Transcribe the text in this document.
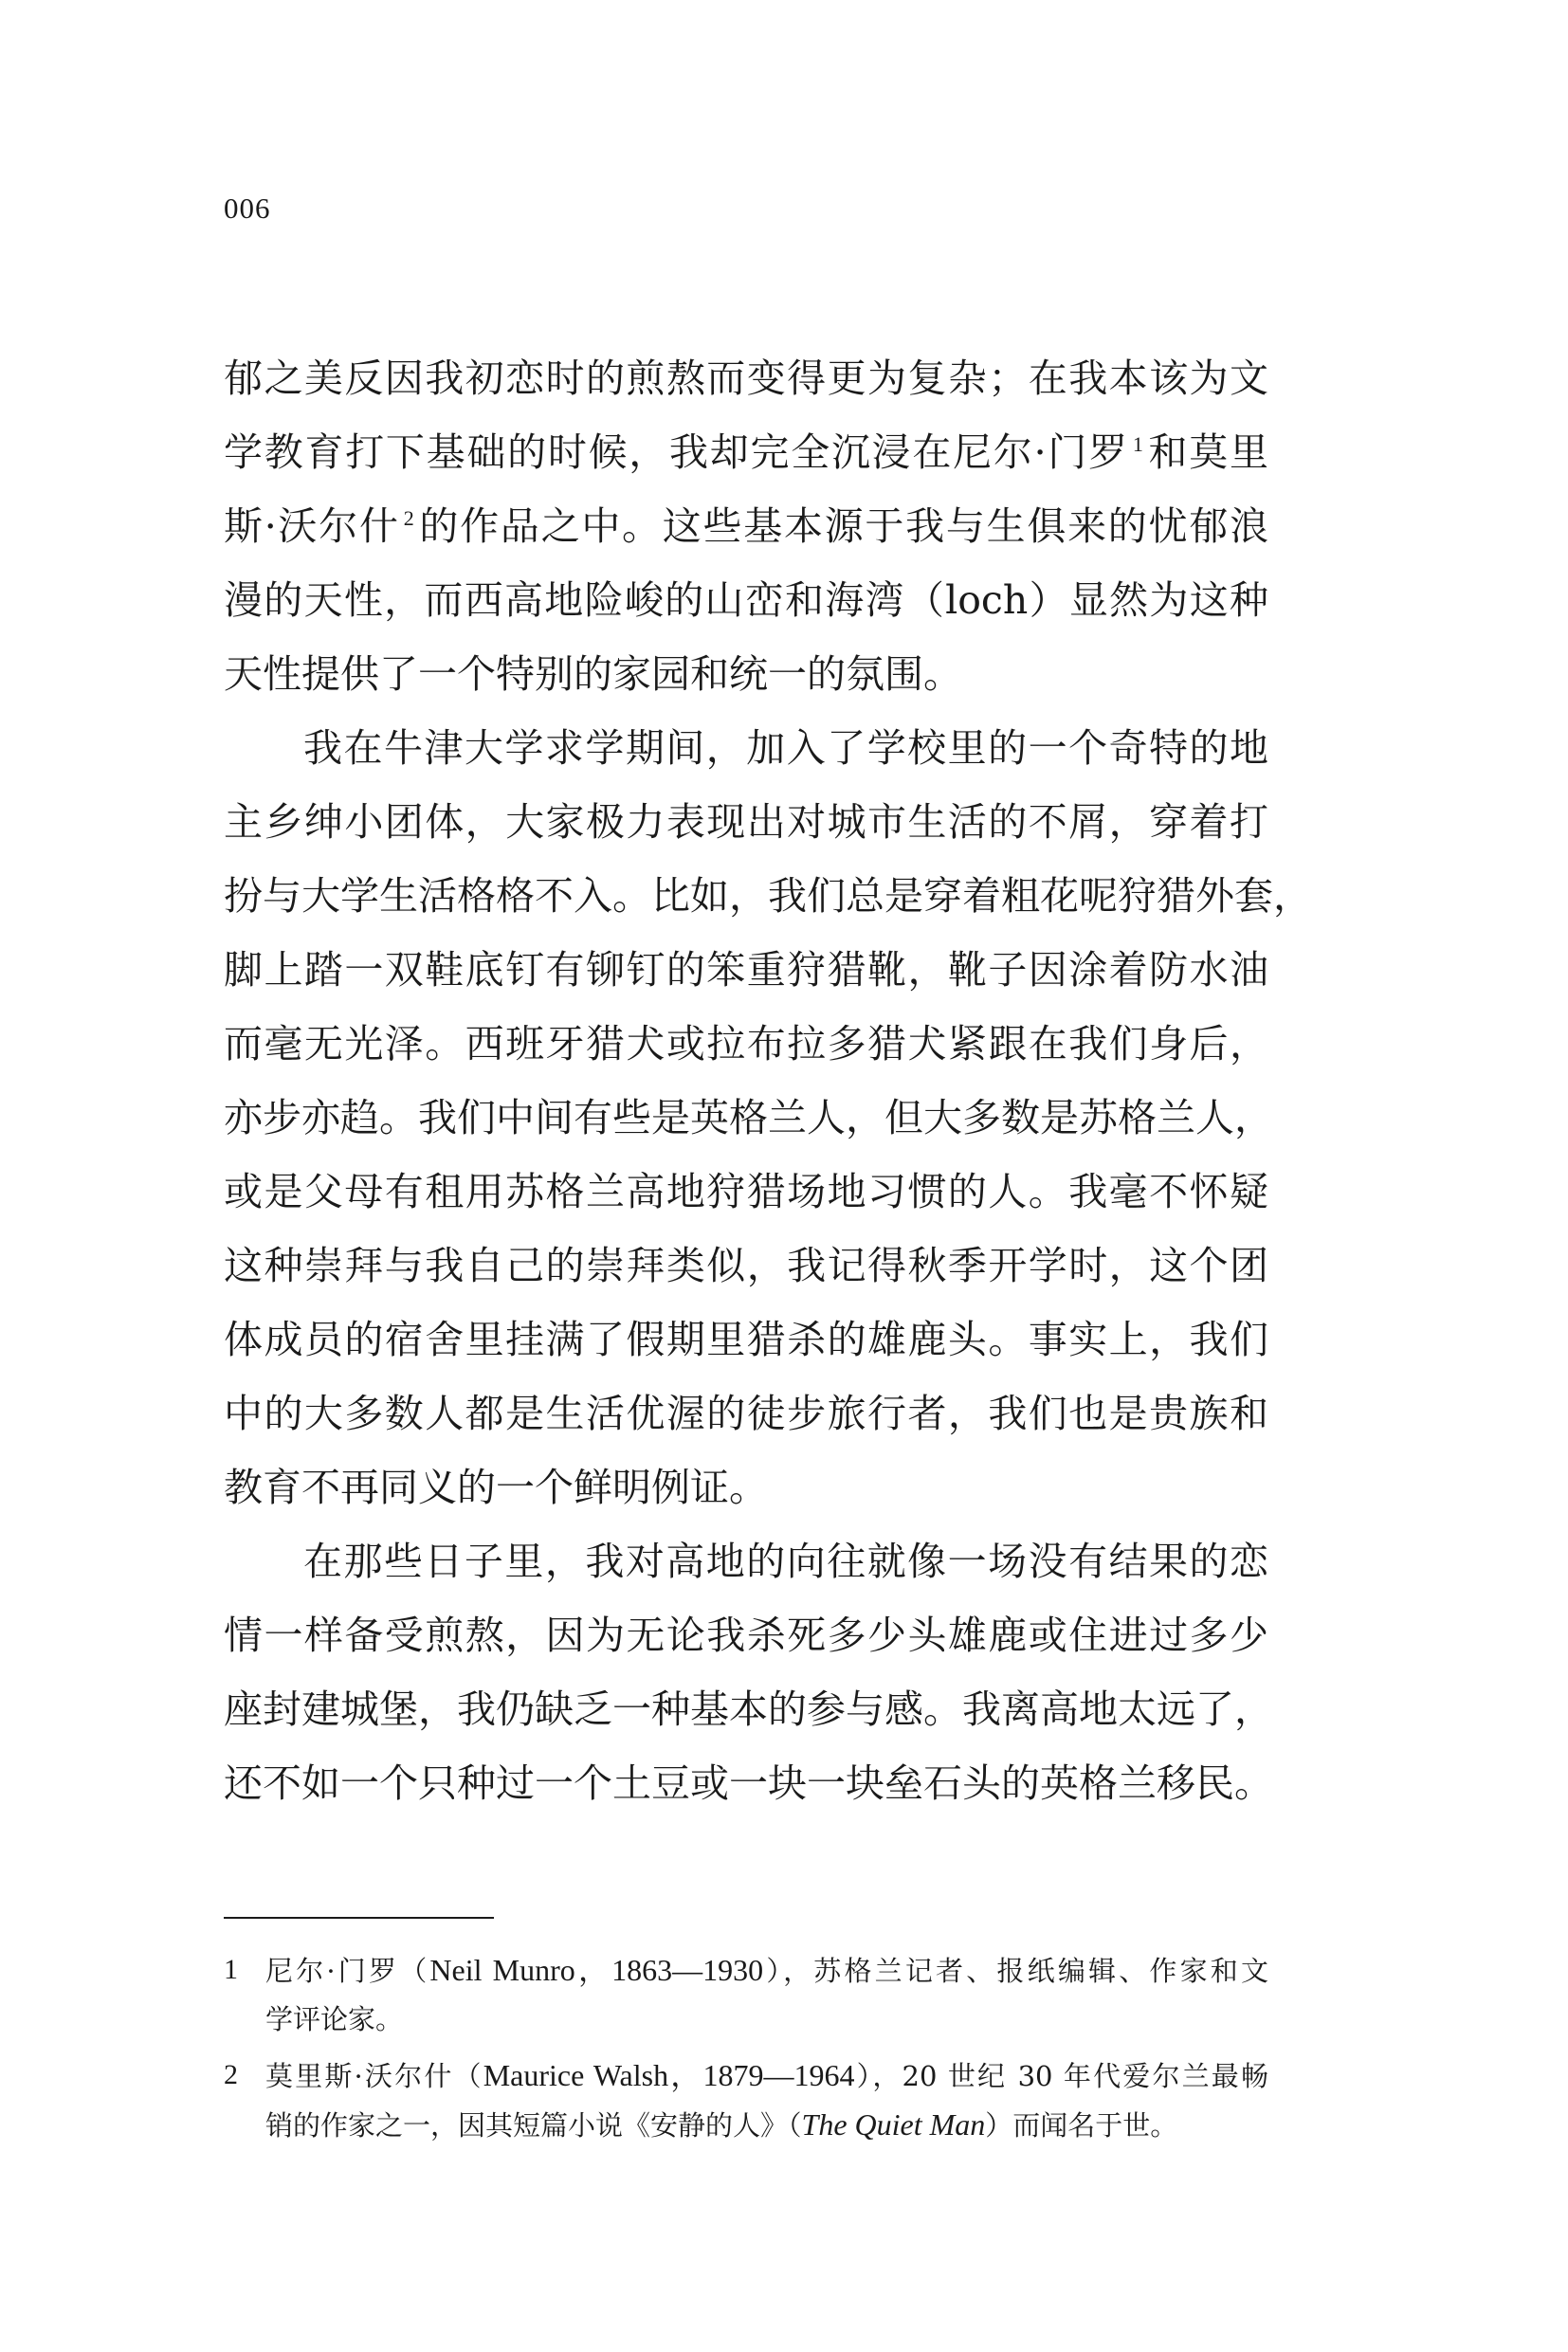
006
郁之美反因我初恋时的煎熬而变得更为复杂；在我本该为文
学教育打下基础的时候，我却完全沉浸在尼尔·门罗 $^1$和莫里
斯·沃尔什 $^2$的作品之中。这些基本源于我与生俱来的忧郁浪
漫的天性，而西高地险峻的山峦和海湾（loch）显然为这种
天性提供了一个特别的家园和统一的氛围。
我在牛津大学求学期间，加入了学校里的一个奇特的地
主乡绅小团体，大家极力表现出对城市生活的不屑，穿着打
扮与大学生活格格不入。比如，我们总是穿着粗花呢狩猎外套，
脚上踏一双鞋底钉有铆钉的笨重狩猎靴，靴子因涂着防水油
而毫无光泽。西班牙猎犬或拉布拉多猎犬紧跟在我们身后，
亦步亦趋。我们中间有些是英格兰人，但大多数是苏格兰人，
或是父母有租用苏格兰高地狩猎场地习惯的人。我毫不怀疑
这种崇拜与我自己的崇拜类似，我记得秋季开学时，这个团
体成员的宿舍里挂满了假期里猎杀的雄鹿头。事实上，我们
中的大多数人都是生活优渥的徒步旅行者，我们也是贵族和
教育不再同义的一个鲜明例证。
在那些日子里，我对高地的向往就像一场没有结果的恋
情一样备受煎熬，因为无论我杀死多少头雄鹿或住进过多少
座封建城堡，我仍缺乏一种基本的参与感。我离高地太远了，
还不如一个只种过一个土豆或一块一块垒石头的英格兰移民。
1 尼尔·门罗（Neil Munro，1863—1930），苏格兰记者、报纸编辑、作家和文
学评论家。
2 莫里斯·沃尔什（Maurice Walsh，1879—1964），20 世纪 30 年代爱尔兰最畅
销的作家之一，因其短篇小说《安静的人》（The Quiet Man）而闻名于世。
